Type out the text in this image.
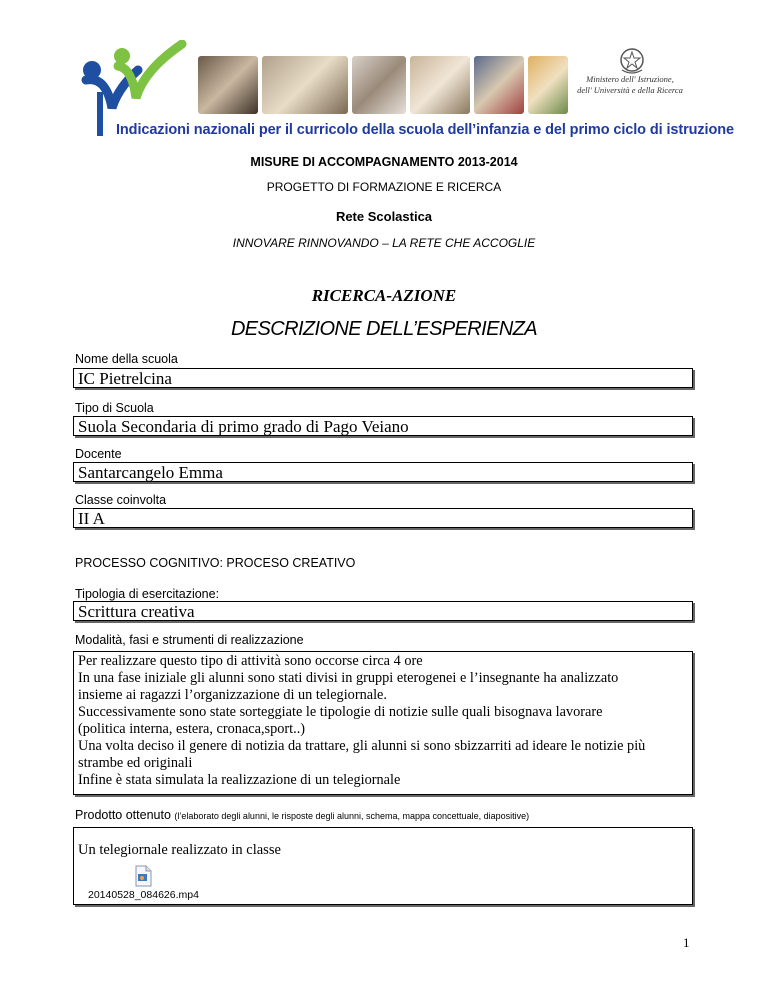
Ministero dell' Istruzione,
dell' Università e della Ricerca
Indicazioni nazionali per il curricolo della scuola dell’infanzia e del primo ciclo di istruzione
MISURE DI ACCOMPAGNAMENTO 2013-2014
PROGETTO DI FORMAZIONE E RICERCA
Rete Scolastica
INNOVARE RINNOVANDO – LA RETE CHE ACCOGLIE
RICERCA-AZIONE
DESCRIZIONE DELL’ESPERIENZA
Nome della scuola
IC Pietrelcina
Tipo di Scuola
Suola Secondaria di primo grado di Pago Veiano
Docente
Santarcangelo Emma
Classe coinvolta
II A
PROCESSO COGNITIVO: PROCESO CREATIVO
Tipologia di esercitazione:
Scrittura creativa
Modalità, fasi e strumenti di realizzazione
Per realizzare questo tipo di attività sono occorse circa 4 ore
In una fase iniziale gli alunni sono stati divisi in gruppi eterogenei e l’insegnante ha analizzato
insieme ai ragazzi l’organizzazione di un telegiornale.
Successivamente sono state sorteggiate le tipologie di notizie sulle quali bisognava lavorare
(politica interna, estera, cronaca,sport..)
Una volta deciso il genere di notizia da trattare, gli alunni si sono sbizzarriti ad ideare le notizie più
strambe ed originali
Infine è stata simulata la realizzazione di un telegiornale
Prodotto ottenuto (l’elaborato degli alunni, le risposte degli alunni, schema, mappa concettuale, diapositive)
Un telegiornale realizzato in classe
20140528_084626.mp4
1
